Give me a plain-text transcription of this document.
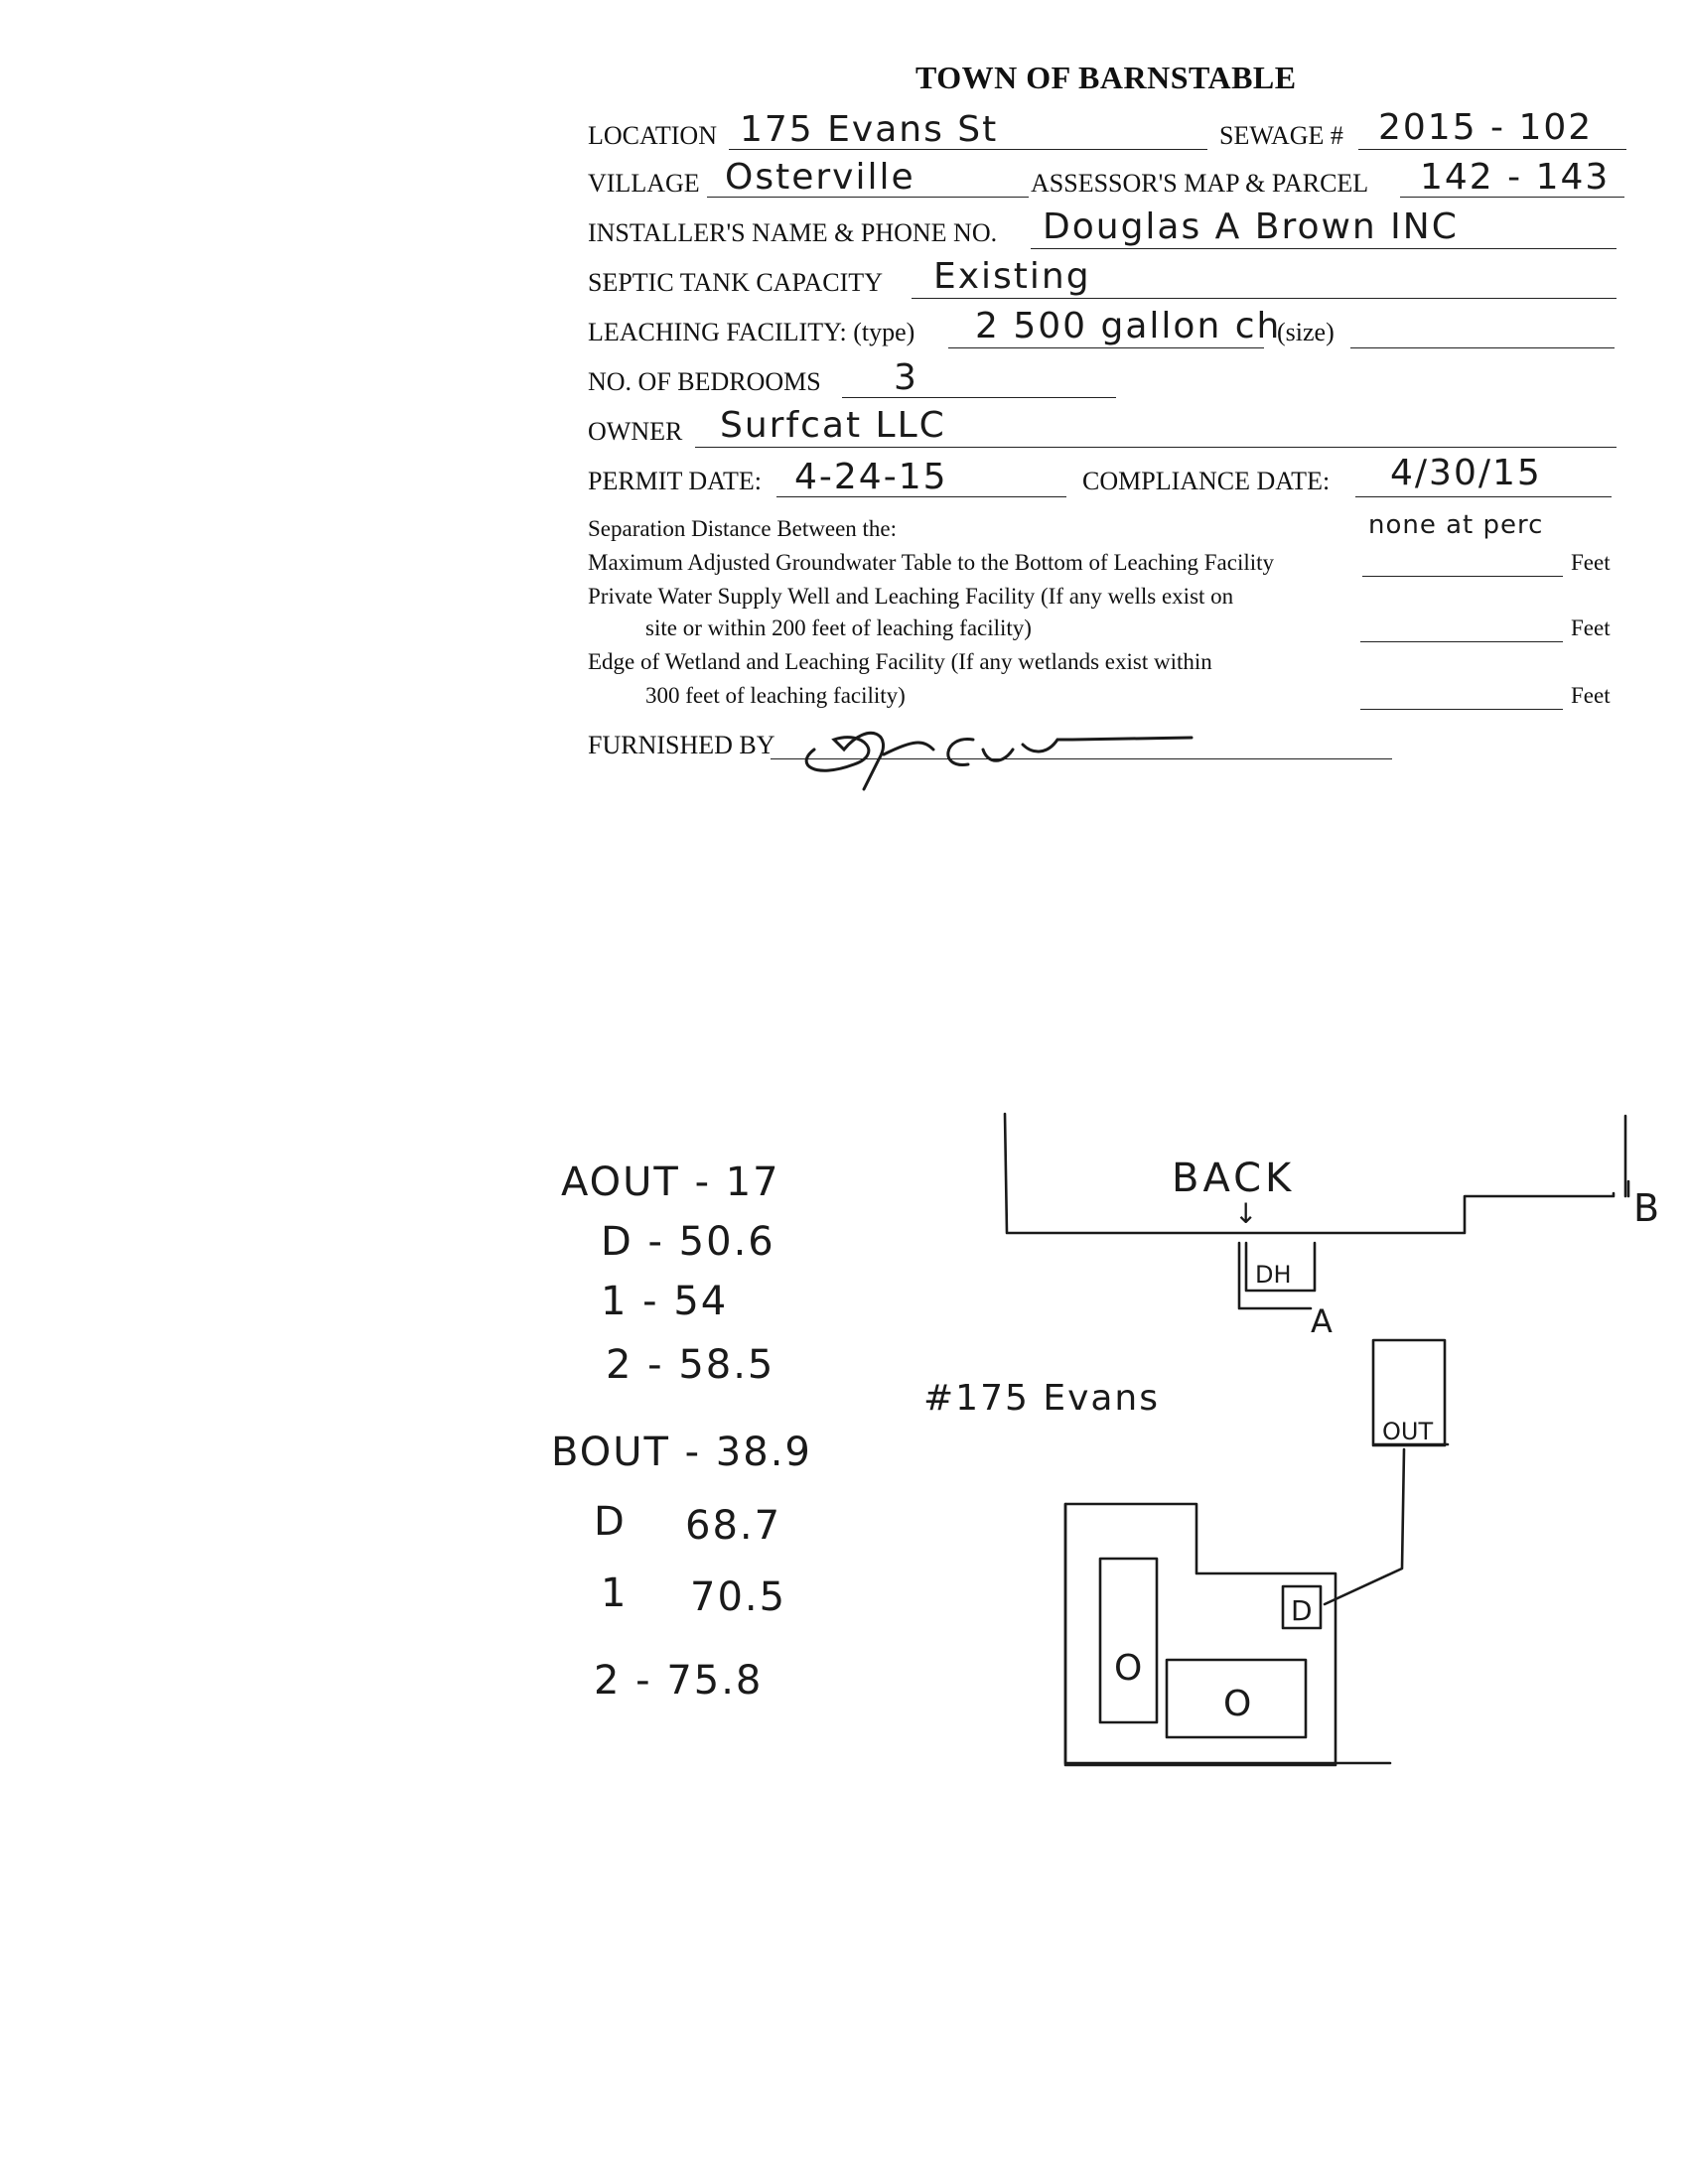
TOWN OF BARNSTABLE
LOCATION 175 Evans St	SEWAGE # 2015 - 102
VILLAGE Osterville	ASSESSOR'S MAP & PARCEL 142 - 143
INSTALLER'S NAME & PHONE NO. Douglas A Brown INC
SEPTIC TANK CAPACITY Existing
LEACHING FACILITY: (type) 2 500 gallon ch
(size)
NO. OF BEDROOMS 3
OWNER Surfcat LLC
PERMIT DATE: 4-24-15	COMPLIANCE DATE: 4/30/15
Separation Distance Between the:	none at perc
Maximum Adjusted Groundwater Table to the Bottom of Leaching Facility	Feet
Private Water Supply Well and Leaching Facility (If any wells exist on
site or within 200 feet of leaching facility)	Feet
Edge of Wetland and Leaching Facility (If any wetlands exist within
300 feet of leaching facility)	Feet
FURNISHED BY
AOUT - 17
D - 50.6
1 - 54
2 - 58.5
BOUT - 38.9
D 68.7
1 70.5
2 - 75.8
BACK
↓
DH
A
B
#175 Evans
OUT
D
O
O
